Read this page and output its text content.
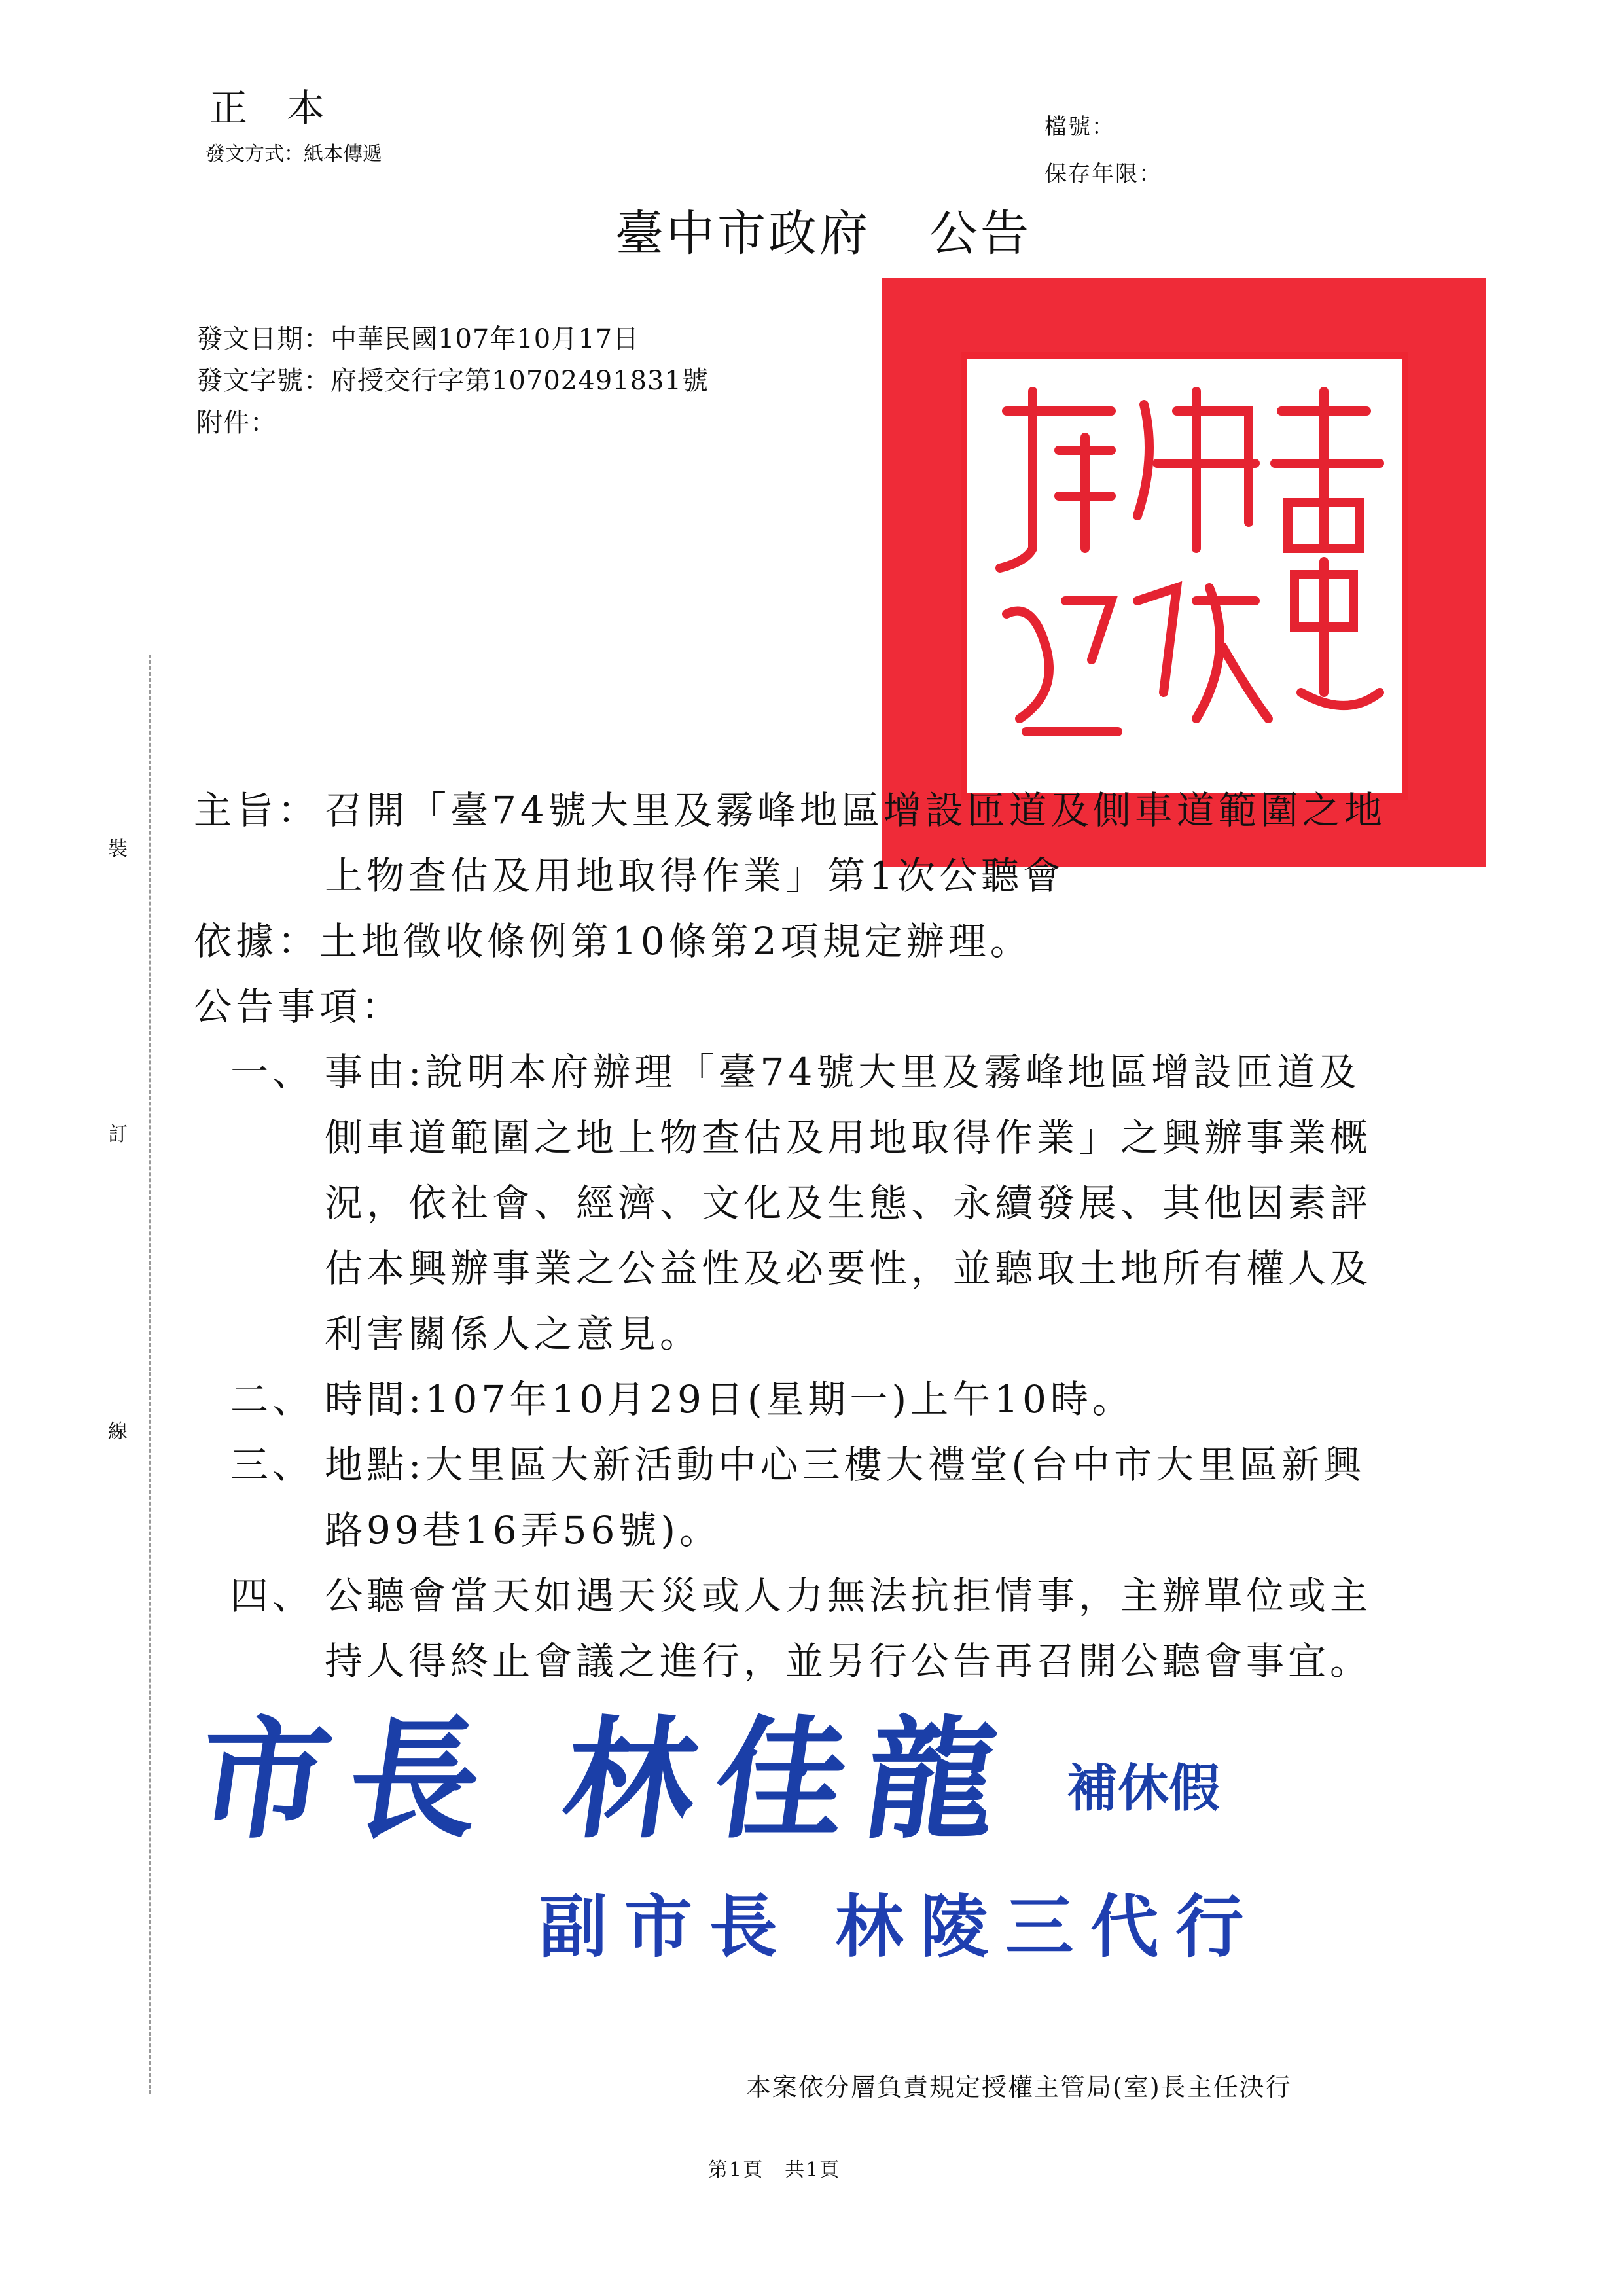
正本
發文方式：紙本傳遞
檔號：
保存年限：
臺中市政府 公告
發文日期：中華民國107年10月17日
發文字號：府授交行字第10702491831號
附件：
裝
訂
線
主旨： 召開「臺74號大里及霧峰地區增設匝道及側車道範圍之地
上物查估及用地取得作業」第1次公聽會
依據：土地徵收條例第10條第2項規定辦理。
公告事項：
一、 事由:說明本府辦理「臺74號大里及霧峰地區增設匝道及
側車道範圍之地上物查估及用地取得作業」之興辦事業概
況，依社會、經濟、文化及生態、永續發展、其他因素評
估本興辦事業之公益性及必要性，並聽取土地所有權人及
利害關係人之意見。
二、 時間:107年10月29日(星期一)上午10時。
三、 地點:大里區大新活動中心三樓大禮堂(台中市大里區新興
路99巷16弄56號)。
四、 公聽會當天如遇天災或人力無法抗拒情事，主辦單位或主
持人得終止會議之進行，並另行公告再召開公聽會事宜。
市長 林佳龍 補休假
副市長 林陵三代行
本案依分層負責規定授權主管局(室)長主任決行
第1頁　共1頁
